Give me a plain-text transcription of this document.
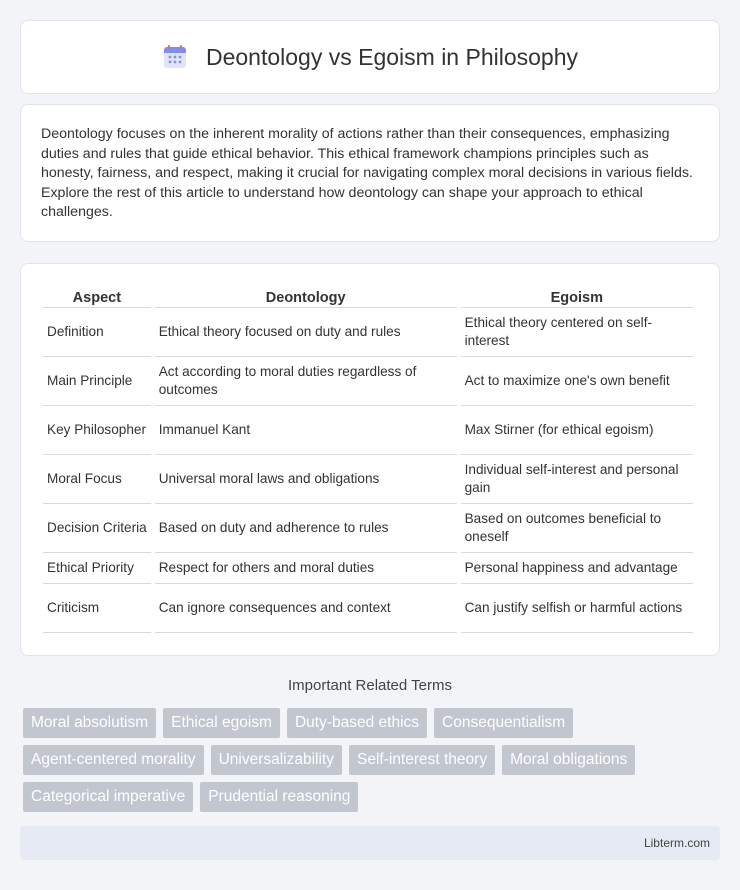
Deontology vs Egoism in Philosophy

Deontology focuses on the inherent morality of actions rather than their consequences, emphasizing duties and rules that guide ethical behavior. This ethical framework champions principles such as honesty, fairness, and respect, making it crucial for navigating complex moral decisions in various fields. Explore the rest of this article to understand how deontology can shape your approach to ethical challenges.

Aspect	Deontology	Egoism
Definition	Ethical theory focused on duty and rules	Ethical theory centered on self-interest
Main Principle	Act according to moral duties regardless of outcomes	Act to maximize one's own benefit
Key Philosopher	Immanuel Kant	Max Stirner (for ethical egoism)
Moral Focus	Universal moral laws and obligations	Individual self-interest and personal gain
Decision Criteria	Based on duty and adherence to rules	Based on outcomes beneficial to oneself
Ethical Priority	Respect for others and moral duties	Personal happiness and advantage
Criticism	Can ignore consequences and context	Can justify selfish or harmful actions
Important Related Terms
Moral absolutism	Ethical egoism	Duty-based ethics	Consequentialism
Agent-centered morality	Universalizability	Self-interest theory	Moral obligations
Categorical imperative	Prudential reasoning
Libterm.com
